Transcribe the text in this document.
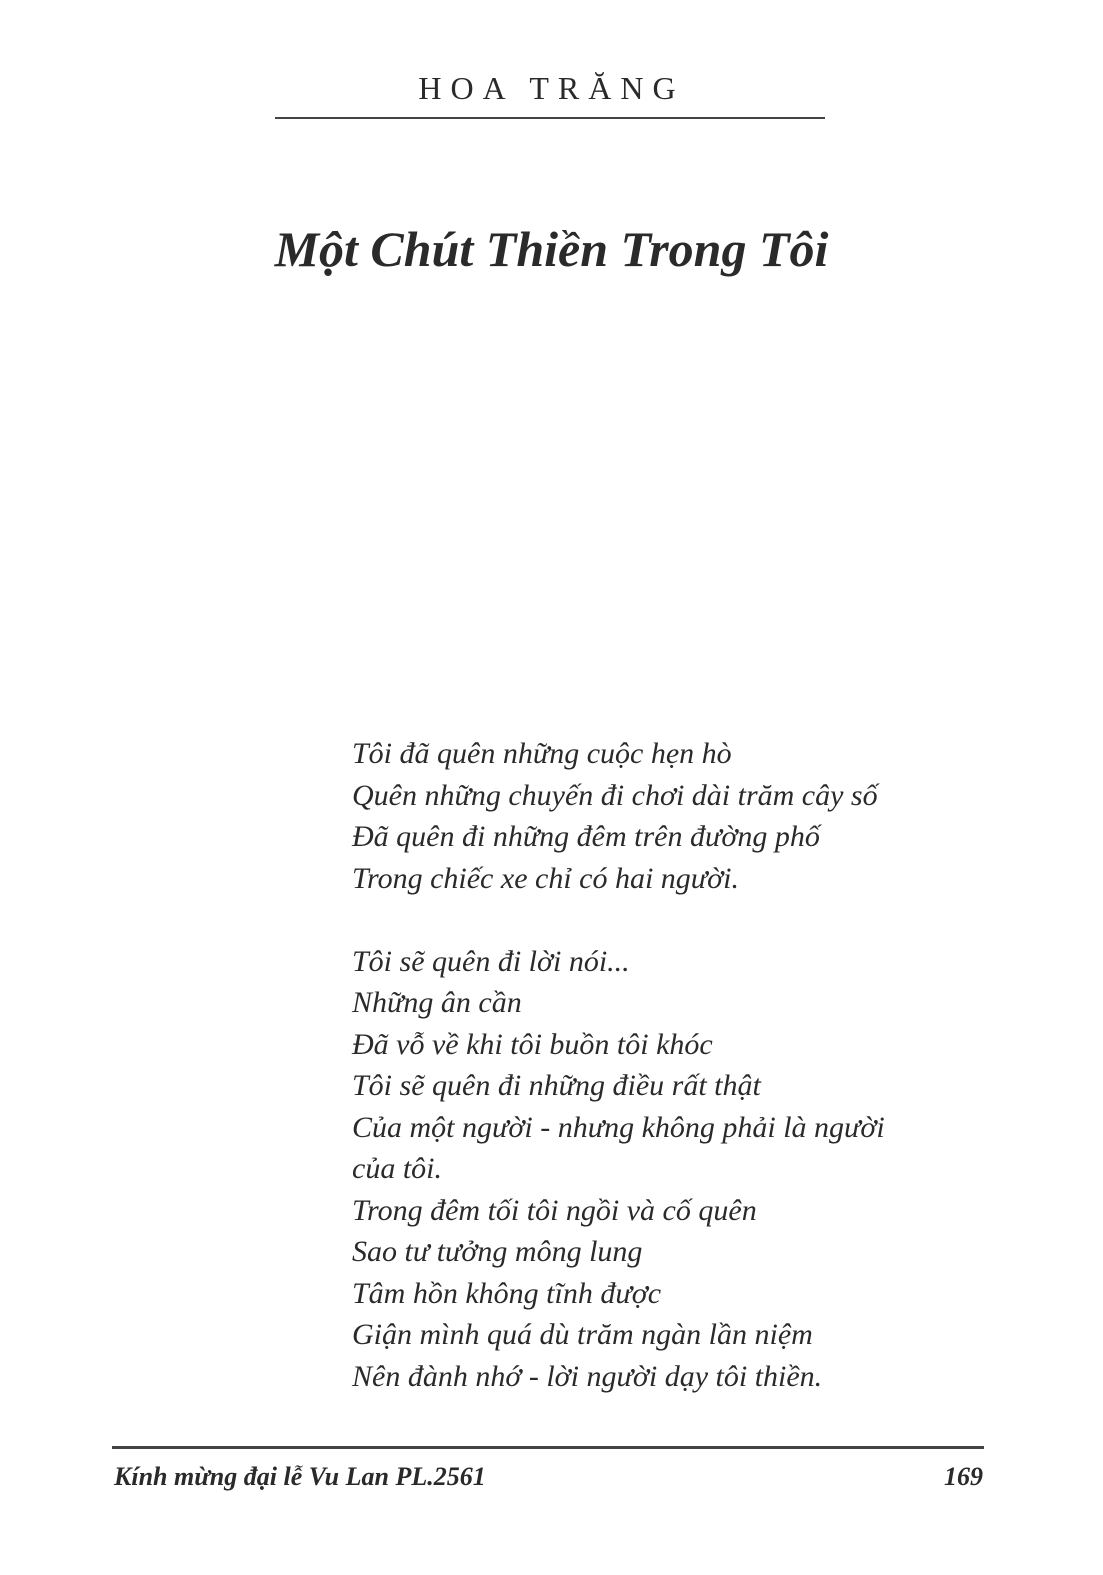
HOA TRĂNG
Một Chút Thiền Trong Tôi
Tôi đã quên những cuộc hẹn hò
Quên những chuyến đi chơi dài trăm cây số
Đã quên đi những đêm trên đường phố
Trong chiếc xe chỉ có hai người.
Tôi sẽ quên đi lời nói...
Những ân cần
Đã vỗ về khi tôi buồn tôi khóc
Tôi sẽ quên đi những điều rất thật
Của một người - nhưng không phải là người
của tôi.
Trong đêm tối tôi ngồi và cố quên
Sao tư tưởng mông lung
Tâm hồn không tĩnh được
Giận mình quá dù trăm ngàn lần niệm
Nên đành nhớ - lời người dạy tôi thiền.
Kính mừng đại lễ Vu Lan PL.2561	169
